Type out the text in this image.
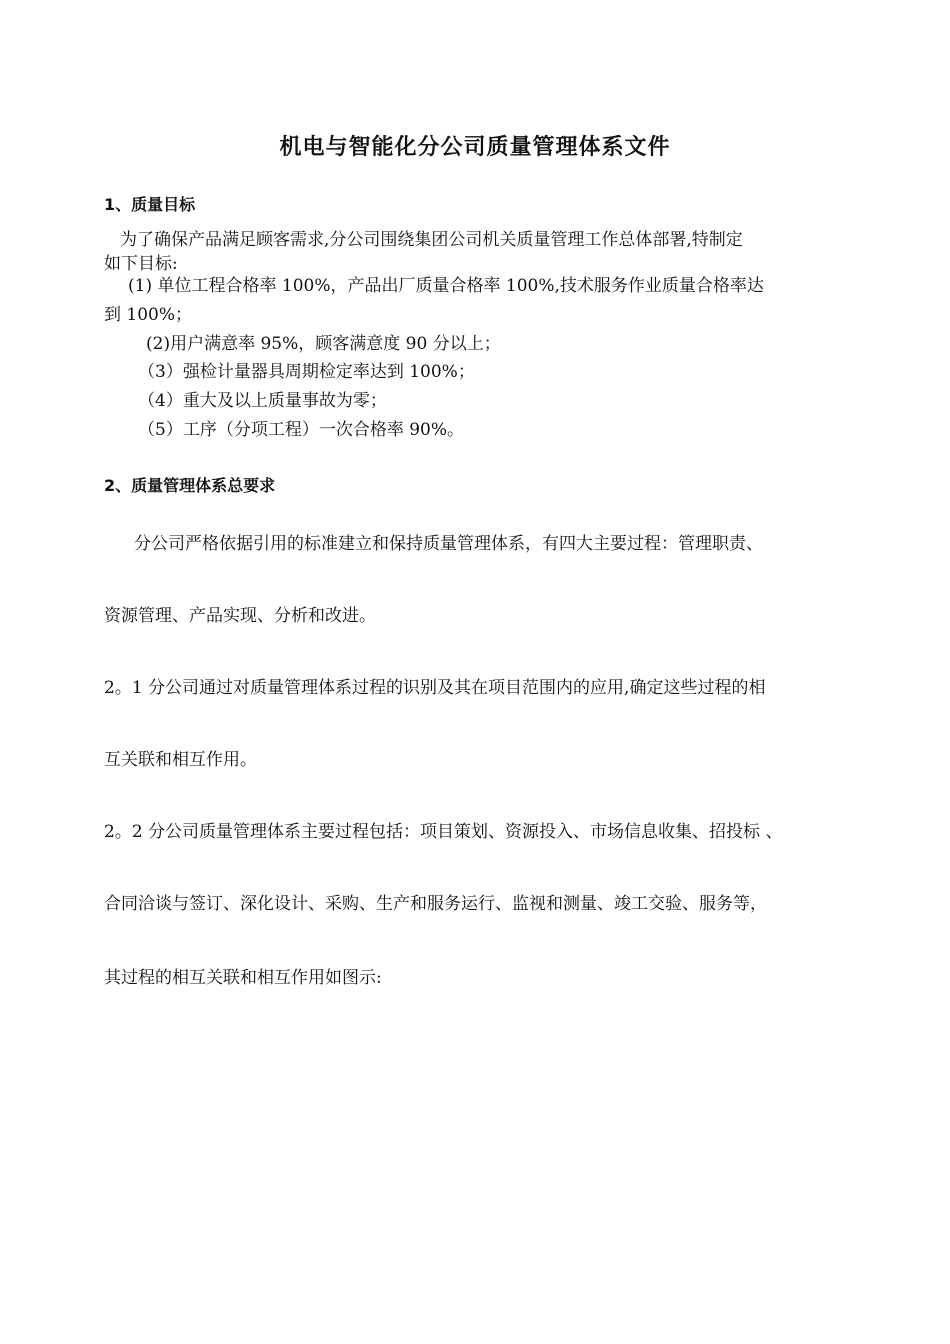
机电与智能化分公司质量管理体系文件
1、质量目标
为了确保产品满足顾客需求,分公司围绕集团公司机关质量管理工作总体部署,特制定
如下目标:
(1) 单位工程合格率 100%，产品出厂质量合格率 100%,技术服务作业质量合格率达
到 100%；
(2)用户满意率 95%，顾客满意度 90 分以上；
（3）强检计量器具周期检定率达到 100%；
（4）重大及以上质量事故为零；
（5）工序（分项工程）一次合格率 90%。
2、质量管理体系总要求
分公司严格依据引用的标准建立和保持质量管理体系，有四大主要过程：管理职责、
资源管理、产品实现、分析和改进。
2。1 分公司通过对质量管理体系过程的识别及其在项目范围内的应用,确定这些过程的相
互关联和相互作用。
2。2 分公司质量管理体系主要过程包括：项目策划、资源投入、市场信息收集、招投标 、
合同洽谈与签订、深化设计、采购、生产和服务运行、监视和测量、竣工交验、服务等，
其过程的相互关联和相互作用如图示:
